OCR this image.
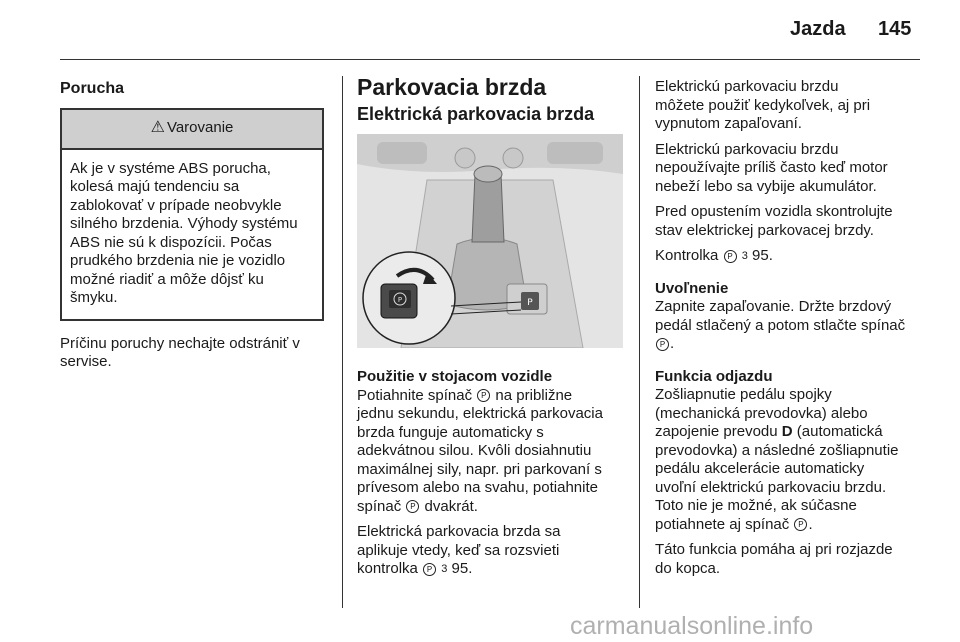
Jazda 145
Porucha
⚠ Varovanie
Ak je v systéme ABS porucha,
kolesá majú tendenciu sa
zablokovať v prípade neobvykle
silného brzdenia. Výhody systému
ABS nie sú k dispozícii. Počas
prudkého brzdenia nie je vozidlo
možné riadiť a môže dôjsť ku
šmyku.

Príčinu poruchy nechajte odstrániť v
servise.

Parkovacia brzda
Elektrická parkovacia brzda
P
P
Použitie v stojacom vozidle

Potiahnite spínač P na približne
jednu sekundu, elektrická parkovacia
brzda funguje automaticky s
adekvátnou silou. Kvôli dosiahnutiu
maximálnej sily, napr. pri parkovaní s
prívesom alebo na svahu, potiahnite
spínač P dvakrát.

Elektrická parkovacia brzda sa
aplikuje vtedy, keď sa rozsvieti
kontrolka P 3 95.

Elektrickú parkovaciu brzdu
môžete použiť kedykoľvek, aj pri
vypnutom zapaľovaní.

Elektrickú parkovaciu brzdu
nepoužívajte príliš často keď motor
nebeží lebo sa vybije akumulátor.

Pred opustením vozidla skontrolujte
stav elektrickej parkovacej brzdy.

Kontrolka P 3 95.

Uvoľnenie

Zapnite zapaľovanie. Držte brzdový
pedál stlačený a potom stlačte spínač
P .

Funkcia odjazdu

Zošliapnutie pedálu spojky
(mechanická prevodovka) alebo
zapojenie prevodu D (automatická
prevodovka) a následné zošliapnutie
pedálu akcelerácie automaticky
uvoľní elektrickú parkovaciu brzdu.
Toto nie je možné, ak súčasne
potiahnete aj spínač P .

Táto funkcia pomáha aj pri rozjazde
do kopca.

carmanualsonline.info
